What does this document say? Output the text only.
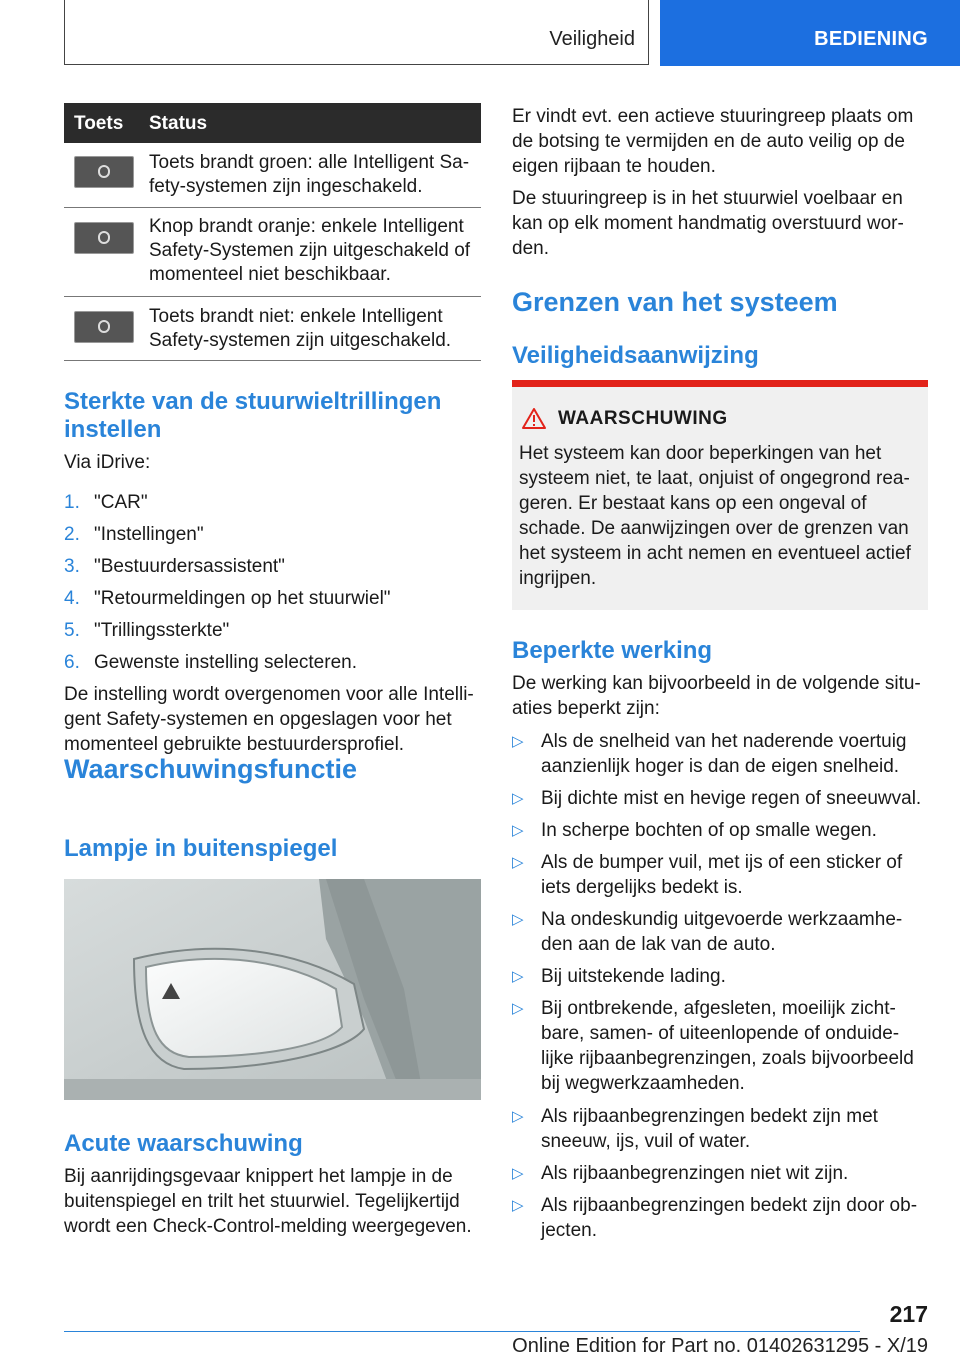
Veiligheid	BEDIENING
Toets Status
Toets brandt groen: alle Intelligent Sa-
fety-systemen zijn ingeschakeld.
Knop brandt oranje: enkele Intelligent
Safety-Systemen zijn uitgeschakeld of
momenteel niet beschikbaar.
Toets brandt niet: enkele Intelligent
Safety-systemen zijn uitgeschakeld.
Sterkte van de stuurwieltrillingen
instellen
Via iDrive:
1. "CAR"
2. "Instellingen"
3. "Bestuurdersassistent"
4. "Retourmeldingen op het stuurwiel"
5. "Trillingssterkte"
6. Gewenste instelling selecteren.
De instelling wordt overgenomen voor alle Intelli-
gent Safety-systemen en opgeslagen voor het
momenteel gebruikte bestuurdersprofiel.
Waarschuwingsfunctie
Lampje in buitenspiegel
Acute waarschuwing
Bij aanrijdingsgevaar knippert het lampje in de
buitenspiegel en trilt het stuurwiel. Tegelijkertijd
wordt een Check-Control-melding weergegeven.
Er vindt evt. een actieve stuuringreep plaats om
de botsing te vermijden en de auto veilig op de
eigen rijbaan te houden.
De stuuringreep is in het stuurwiel voelbaar en
kan op elk moment handmatig overstuurd wor-
den.
Grenzen van het systeem
Veiligheidsaanwijzing
WAARSCHUWING
Het systeem kan door beperkingen van het
systeem niet, te laat, onjuist of ongegrond rea-
geren. Er bestaat kans op een ongeval of
schade. De aanwijzingen over de grenzen van
het systeem in acht nemen en eventueel actief
ingrijpen.
Beperkte werking
De werking kan bijvoorbeeld in de volgende situ-
aties beperkt zijn:
▷ Als de snelheid van het naderende voertuig
aanzienlijk hoger is dan de eigen snelheid.
▷ Bij dichte mist en hevige regen of sneeuwval.
▷ In scherpe bochten of op smalle wegen.
▷ Als de bumper vuil, met ijs of een sticker of
iets dergelijks bedekt is.
▷ Na ondeskundig uitgevoerde werkzaamhe-
den aan de lak van de auto.
▷ Bij uitstekende lading.
▷ Bij ontbrekende, afgesleten, moeilijk zicht-
bare, samen- of uiteenlopende of onduide-
lijke rijbaanbegrenzingen, zoals bijvoorbeeld
bij wegwerkzaamheden.
▷ Als rijbaanbegrenzingen bedekt zijn met
sneeuw, ijs, vuil of water.
▷ Als rijbaanbegrenzingen niet wit zijn.
▷ Als rijbaanbegrenzingen bedekt zijn door ob-
jecten.
217
Online Edition for Part no. 01402631295 - X/19
